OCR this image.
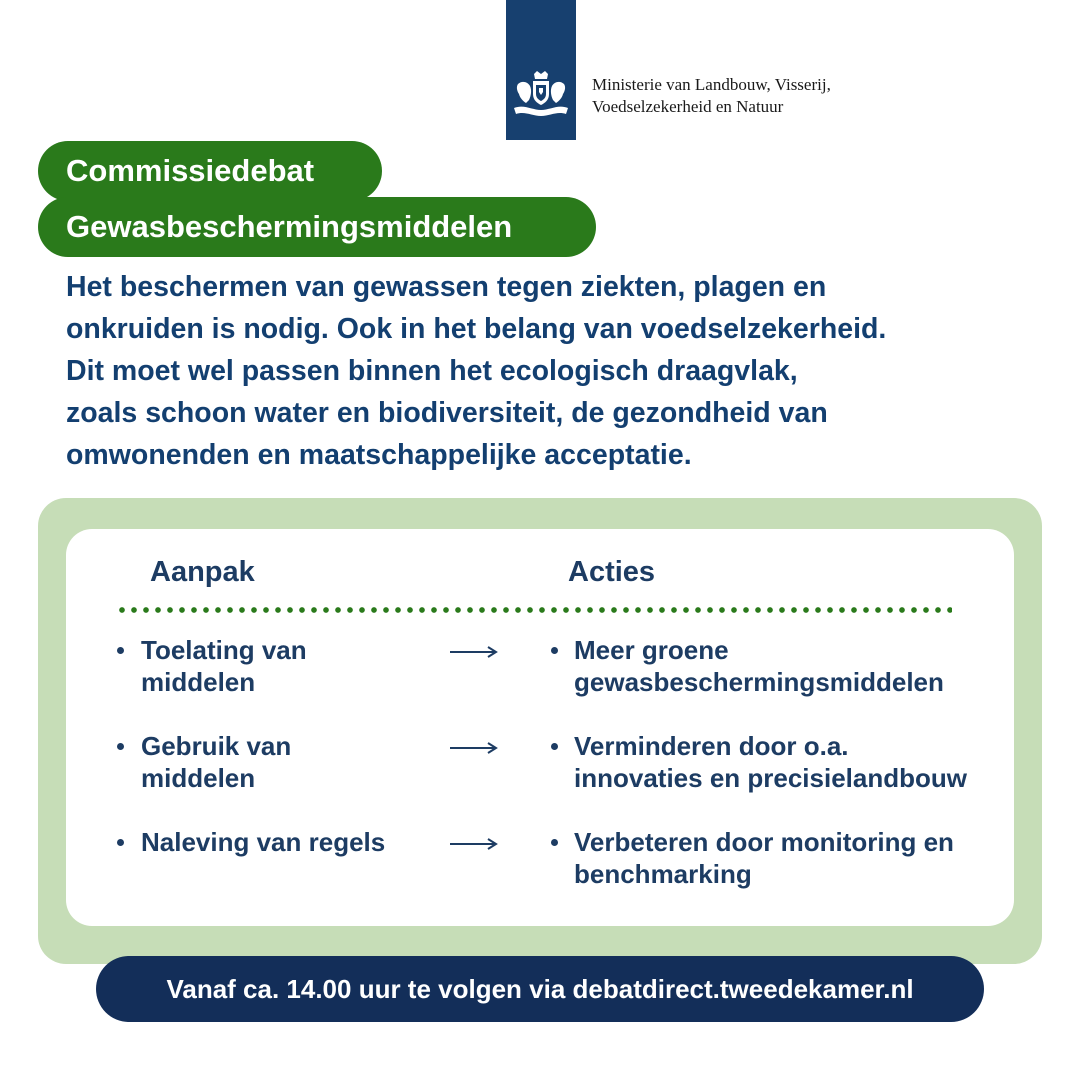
Ministerie van Landbouw, Visserij,
Voedselzekerheid en Natuur
Commissiedebat
Gewasbeschermingsmiddelen
Het beschermen van gewassen tegen ziekten, plagen en
onkruiden is nodig. Ook in het belang van voedselzekerheid.
Dit moet wel passen binnen het ecologisch draagvlak,
zoals schoon water en biodiversiteit, de gezondheid van
omwonenden en maatschappelijke acceptatie.
Aanpak	Acties
Toelating van
middelen
Meer groene
gewasbeschermingsmiddelen
Gebruik van
middelen
Verminderen door o.a.
innovaties en precisielandbouw
Naleving van regels	Verbeteren door monitoring en
benchmarking
Vanaf ca. 14.00 uur te volgen via debatdirect.tweedekamer.nl
